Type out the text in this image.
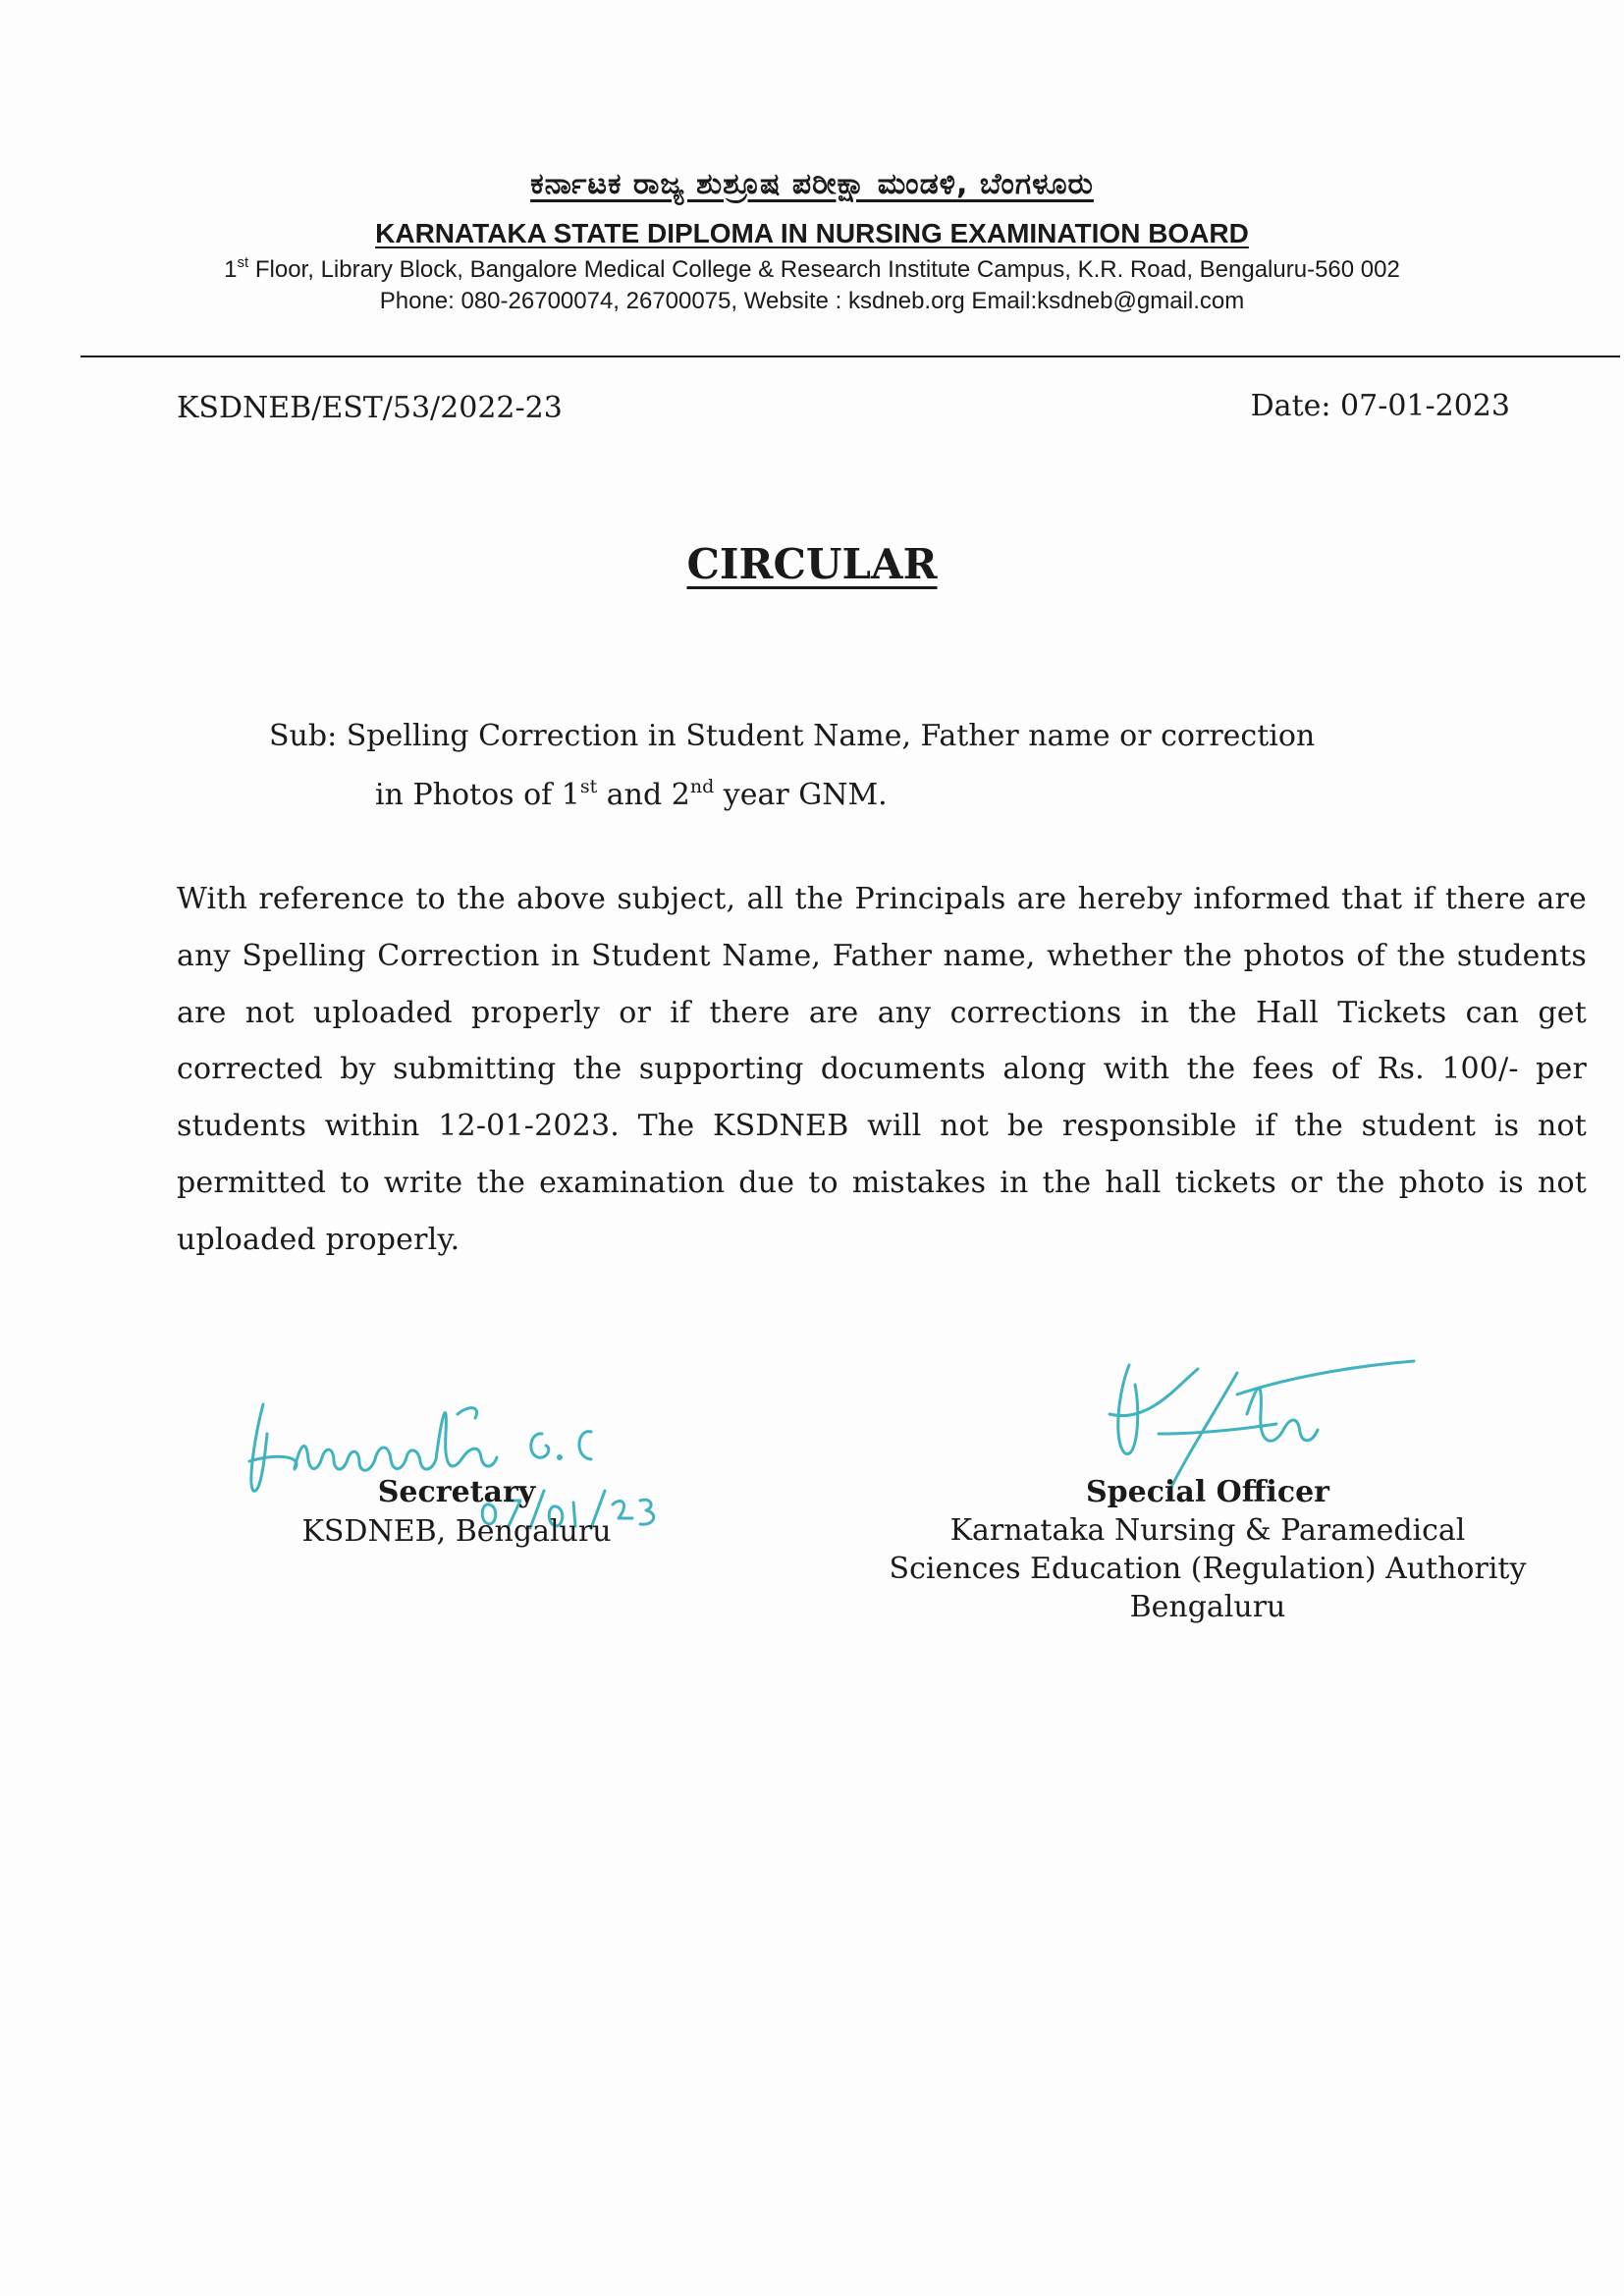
ಕರ್ನಾಟಕ ರಾಜ್ಯ ಶುಶ್ರೂಷ ಪರೀಕ್ಷಾ ಮಂಡಳಿ, ಬೆಂಗಳೂರು
KARNATAKA STATE DIPLOMA IN NURSING EXAMINATION BOARD
1st Floor, Library Block, Bangalore Medical College & Research Institute Campus, K.R. Road, Bengaluru-560 002
Phone: 080-26700074, 26700075, Website : ksdneb.org Email:ksdneb@gmail.com
KSDNEB/EST/53/2022-23	Date: 07-01-2023
CIRCULAR
Sub: Spelling Correction in Student Name, Father name or correction
in Photos of 1st and 2nd year GNM.
With reference to the above subject, all the Principals are hereby informed that if there are any Spelling Correction in Student Name, Father name, whether the photos of the students are not uploaded properly or if there are any corrections in the Hall Tickets can get corrected by submitting the supporting documents along with the fees of Rs. 100/- per students within 12-01-2023. The KSDNEB will not be responsible if the student is not permitted to write the examination due to mistakes in the hall tickets or the photo is not uploaded properly.
Secretary
KSDNEB, Bengaluru
Special Officer
Karnataka Nursing & Paramedical
Sciences Education (Regulation) Authority
Bengaluru
